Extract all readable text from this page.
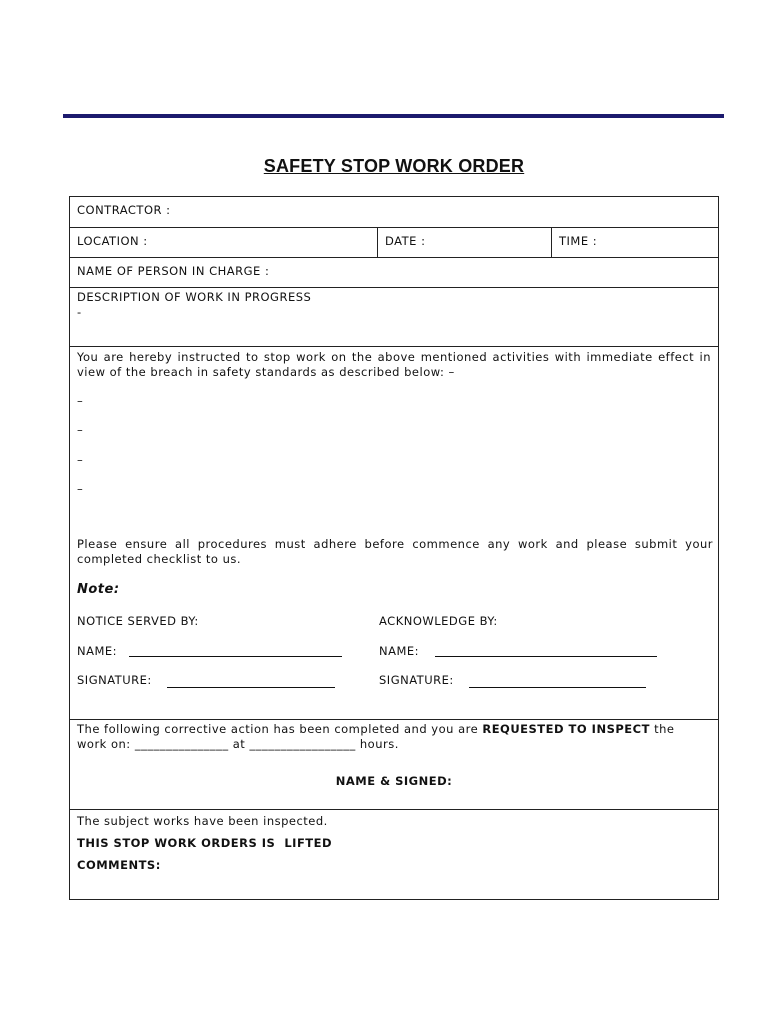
SAFETY STOP WORK ORDER
CONTRACTOR :
LOCATION :	DATE :	TIME :
NAME OF PERSON IN CHARGE :
DESCRIPTION OF WORK IN PROGRESS
-

You are hereby instructed to stop work on the above mentioned activities with immediate effect in view of the breach in safety standards as described below: –

–
–
–
–

Please ensure all procedures must adhere before commence any work and please submit your completed checklist to us.

Note:
NOTICE SERVED BY:	ACKNOWLEDGE BY:
NAME:	NAME:
SIGNATURE:	SIGNATURE:

The following corrective action has been completed and you are REQUESTED TO INSPECT the

work on: _______________ at _________________ hours.
NAME & SIGNED:
The subject works have been inspected.
THIS STOP WORK ORDERS IS  LIFTED
COMMENTS:
